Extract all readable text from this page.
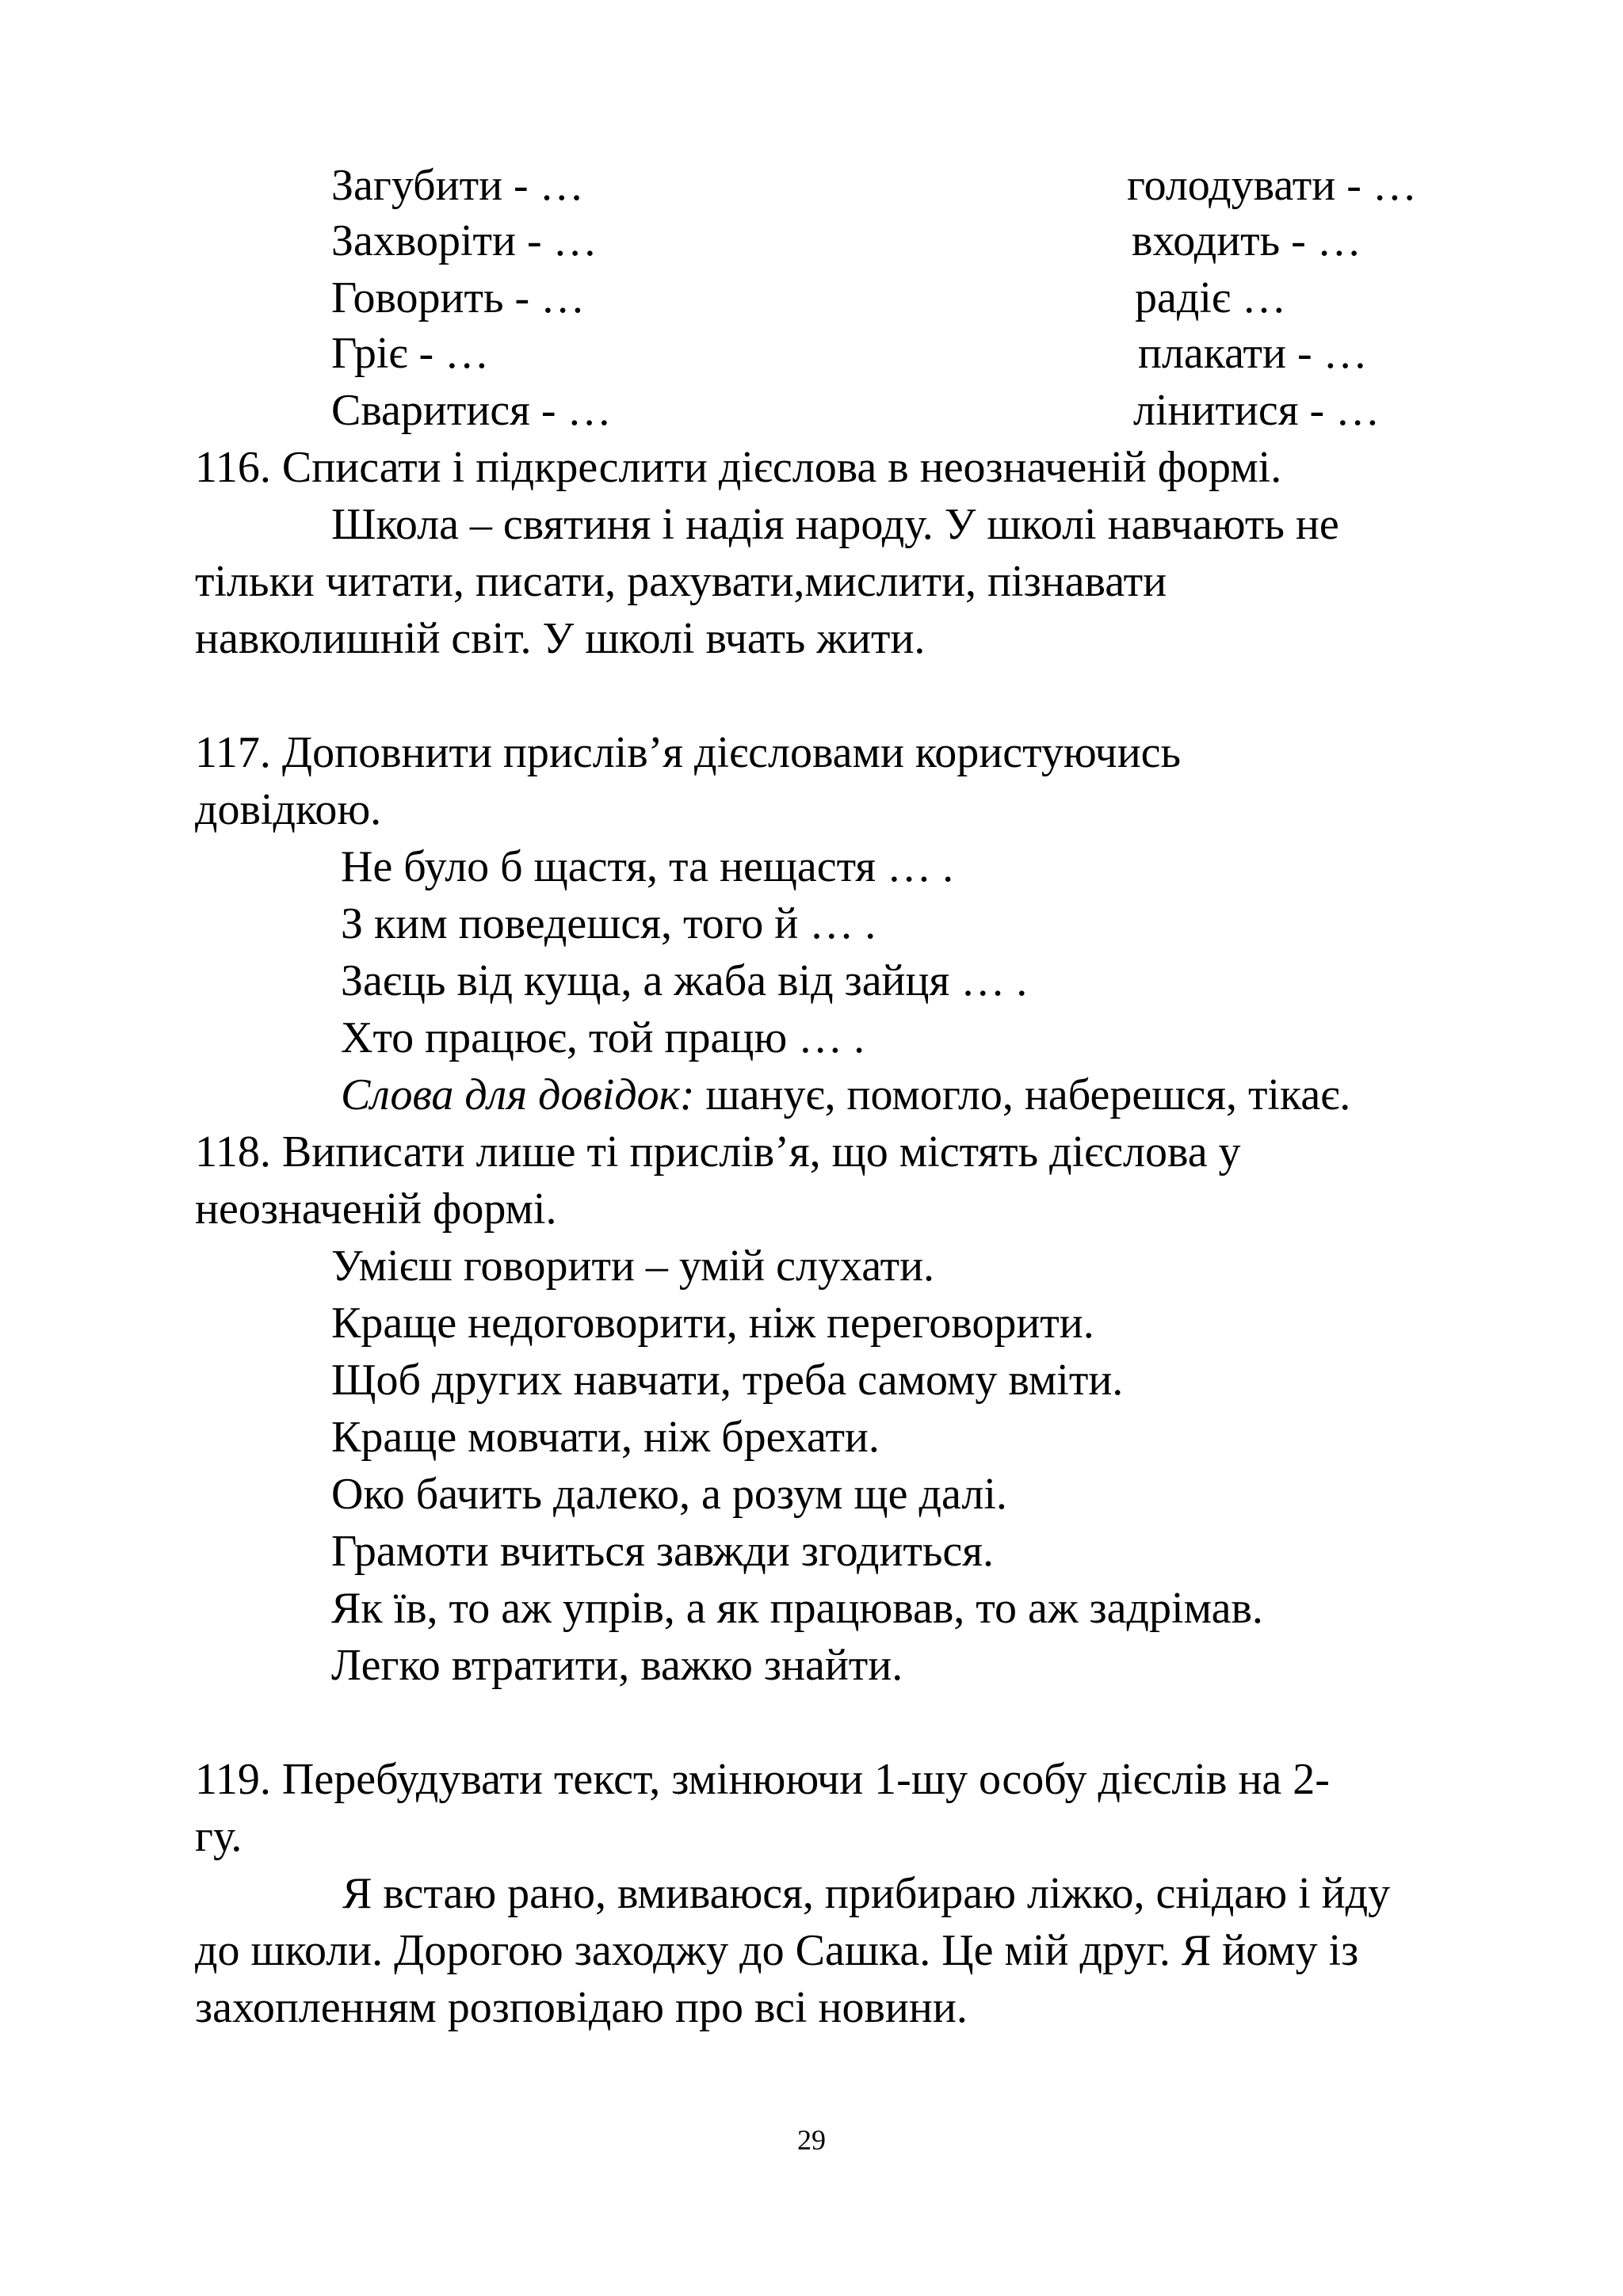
Загубити - …	голодувати - …
Захворіти - …	входить - …
Говорить - …	радіє …
Гріє - …	плакати - …
Сваритися - …	лінитися - …
116. Списати і підкреслити дієслова в неозначеній формі.
Школа – святиня і надія народу. У школі навчають не
тільки читати, писати, рахувати,мислити, пізнавати
навколишній світ. У школі вчать жити.
117. Доповнити прислів’я дієсловами користуючись
довідкою.
Не було б щастя, та нещастя … .
З ким поведешся, того й … .
Заєць від куща, а жаба від зайця … .
Хто працює, той працю … .
Слова для довідок: шанує, помогло, наберешся, тікає.
118. Виписати лише ті прислів’я, що містять дієслова у
неозначеній формі.
Умієш говорити – умій слухати.
Краще недоговорити, ніж переговорити.
Щоб других навчати, треба самому вміти.
Краще мовчати, ніж брехати.
Око бачить далеко, а розум ще далі.
Грамоти вчиться завжди згодиться.
Як їв, то аж упрів, а як працював, то аж задрімав.
Легко втратити, важко знайти.
119. Перебудувати текст, змінюючи 1-шу особу дієслів на 2-
гу.
Я встаю рано, вмиваюся, прибираю ліжко, снідаю і йду
до школи. Дорогою заходжу до Сашка. Це мій друг. Я йому із
захопленням розповідаю про всі новини.
29
